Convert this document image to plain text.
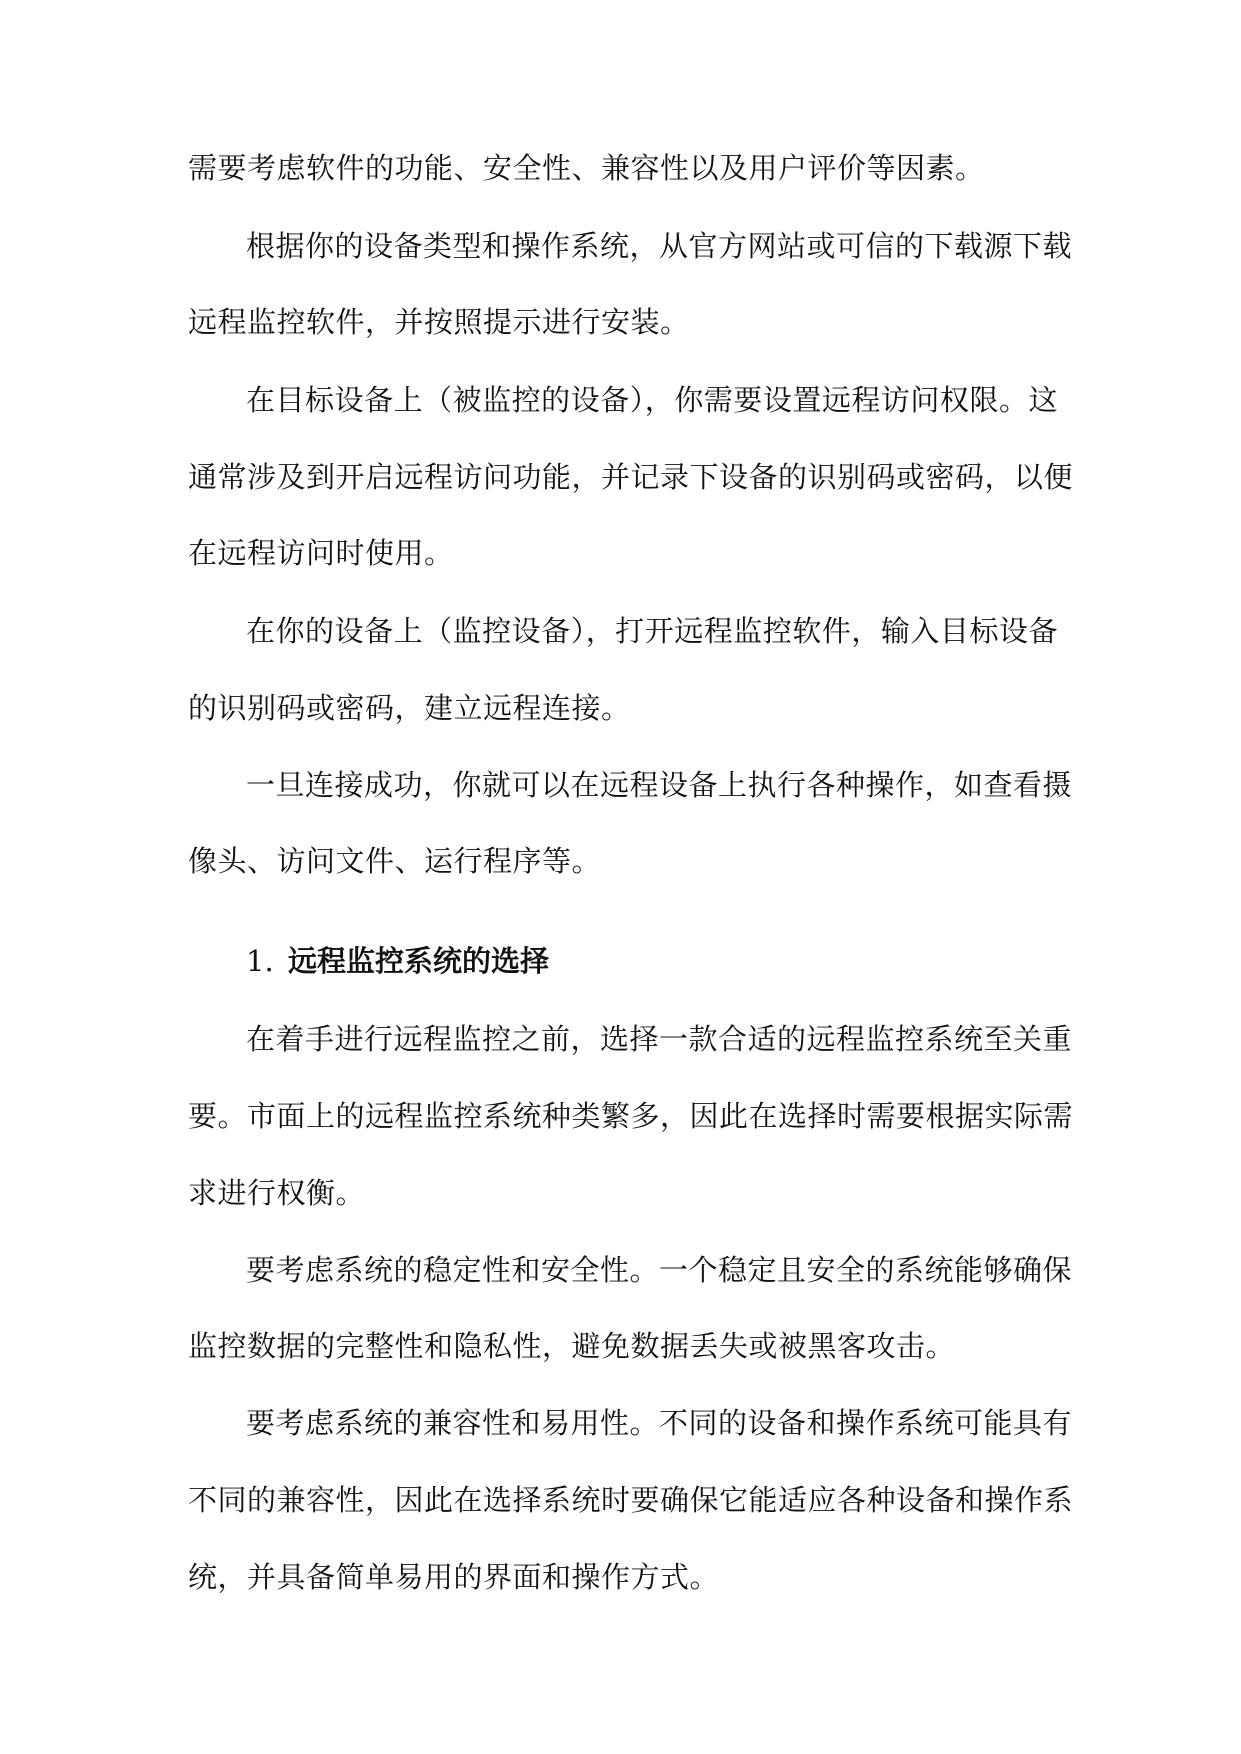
需要考虑软件的功能、安全性、兼容性以及用户评价等因素。

根据你的设备类型和操作系统，从官方网站或可信的下载源下载

远程监控软件，并按照提示进行安装。

在目标设备上（被监控的设备），你需要设置远程访问权限。这

通常涉及到开启远程访问功能，并记录下设备的识别码或密码，以便

在远程访问时使用。

在你的设备上（监控设备），打开远程监控软件，输入目标设备

的识别码或密码，建立远程连接。

一旦连接成功，你就可以在远程设备上执行各种操作，如查看摄

像头、访问文件、运行程序等。

1. 远程监控系统的选择

在着手进行远程监控之前，选择一款合适的远程监控系统至关重

要。市面上的远程监控系统种类繁多，因此在选择时需要根据实际需

求进行权衡。

要考虑系统的稳定性和安全性。一个稳定且安全的系统能够确保

监控数据的完整性和隐私性，避免数据丢失或被黑客攻击。

要考虑系统的兼容性和易用性。不同的设备和操作系统可能具有

不同的兼容性，因此在选择系统时要确保它能适应各种设备和操作系

统，并具备简单易用的界面和操作方式。
